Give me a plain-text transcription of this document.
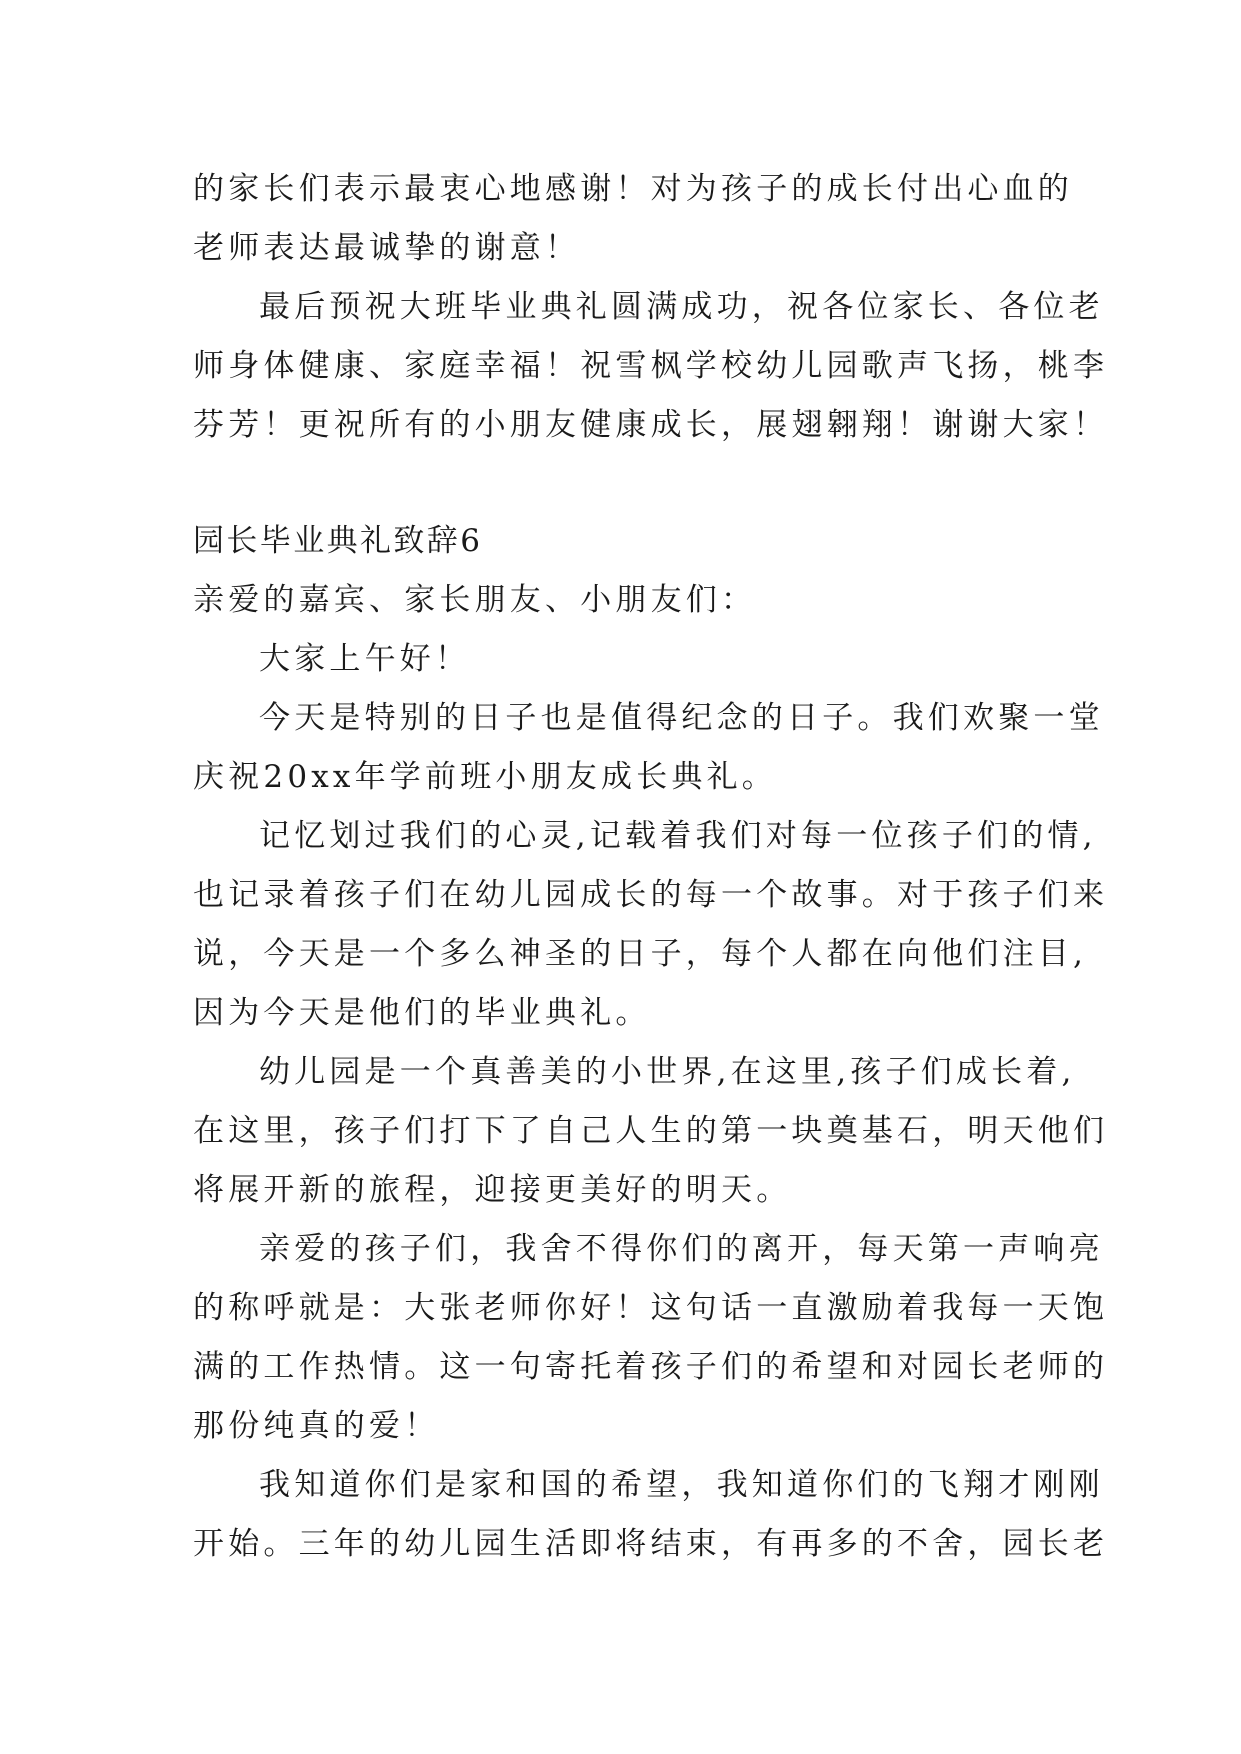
的家长们表示最衷心地感谢！对为孩子的成长付出心血的
老师表达最诚挚的谢意！
最后预祝大班毕业典礼圆满成功，祝各位家长、各位老
师身体健康、家庭幸福！祝雪枫学校幼儿园歌声飞扬，桃李
芬芳！更祝所有的小朋友健康成长，展翅翱翔！谢谢大家！
园长毕业典礼致辞6
亲爱的嘉宾、家长朋友、小朋友们：
大家上午好！
今天是特别的日子也是值得纪念的日子。我们欢聚一堂
庆祝20xx年学前班小朋友成长典礼。
记忆划过我们的心灵,记载着我们对每一位孩子们的情,
也记录着孩子们在幼儿园成长的每一个故事。对于孩子们来
说，今天是一个多么神圣的日子，每个人都在向他们注目,
因为今天是他们的毕业典礼。
幼儿园是一个真善美的小世界,在这里,孩子们成长着,
在这里，孩子们打下了自己人生的第一块奠基石，明天他们
将展开新的旅程，迎接更美好的明天。
亲爱的孩子们，我舍不得你们的离开，每天第一声响亮
的称呼就是：大张老师你好！这句话一直激励着我每一天饱
满的工作热情。这一句寄托着孩子们的希望和对园长老师的
那份纯真的爱！
我知道你们是家和国的希望，我知道你们的飞翔才刚刚
开始。三年的幼儿园生活即将结束，有再多的不舍，园长老
